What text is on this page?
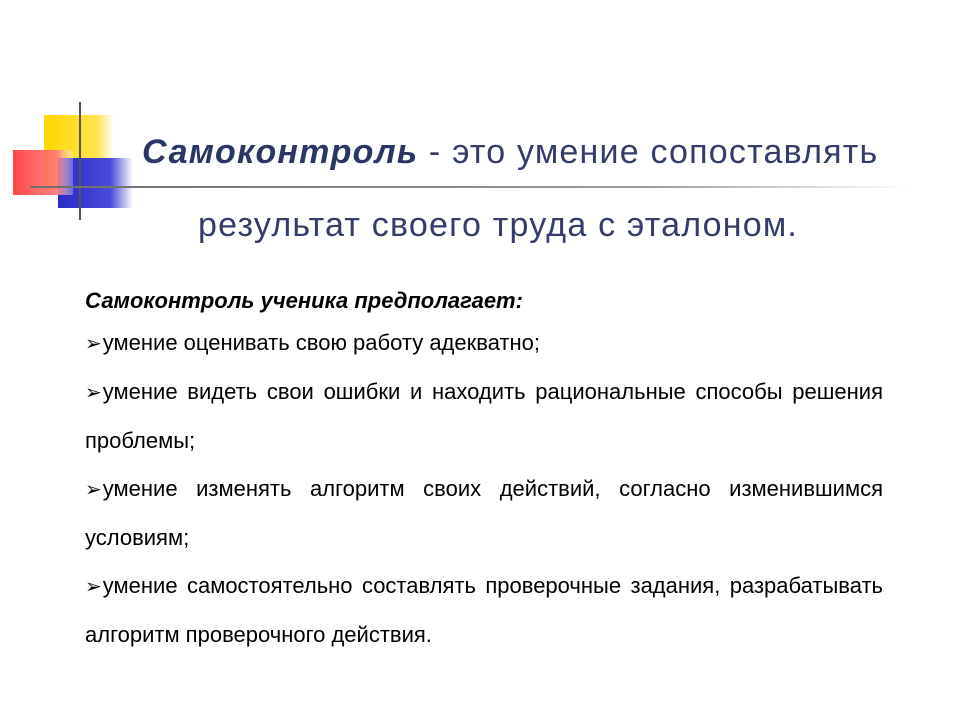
Самоконтроль - это умение сопоставлять
результат своего труда с эталоном.
Самоконтроль ученика предполагает:
➢умение оценивать свою работу адекватно;
➢умение видеть свои ошибки и находить рациональные способы решения проблемы;
➢умение изменять алгоритм своих действий, согласно изменившимся условиям;
➢умение самостоятельно составлять проверочные задания, разрабатывать алгоритм проверочного действия.
